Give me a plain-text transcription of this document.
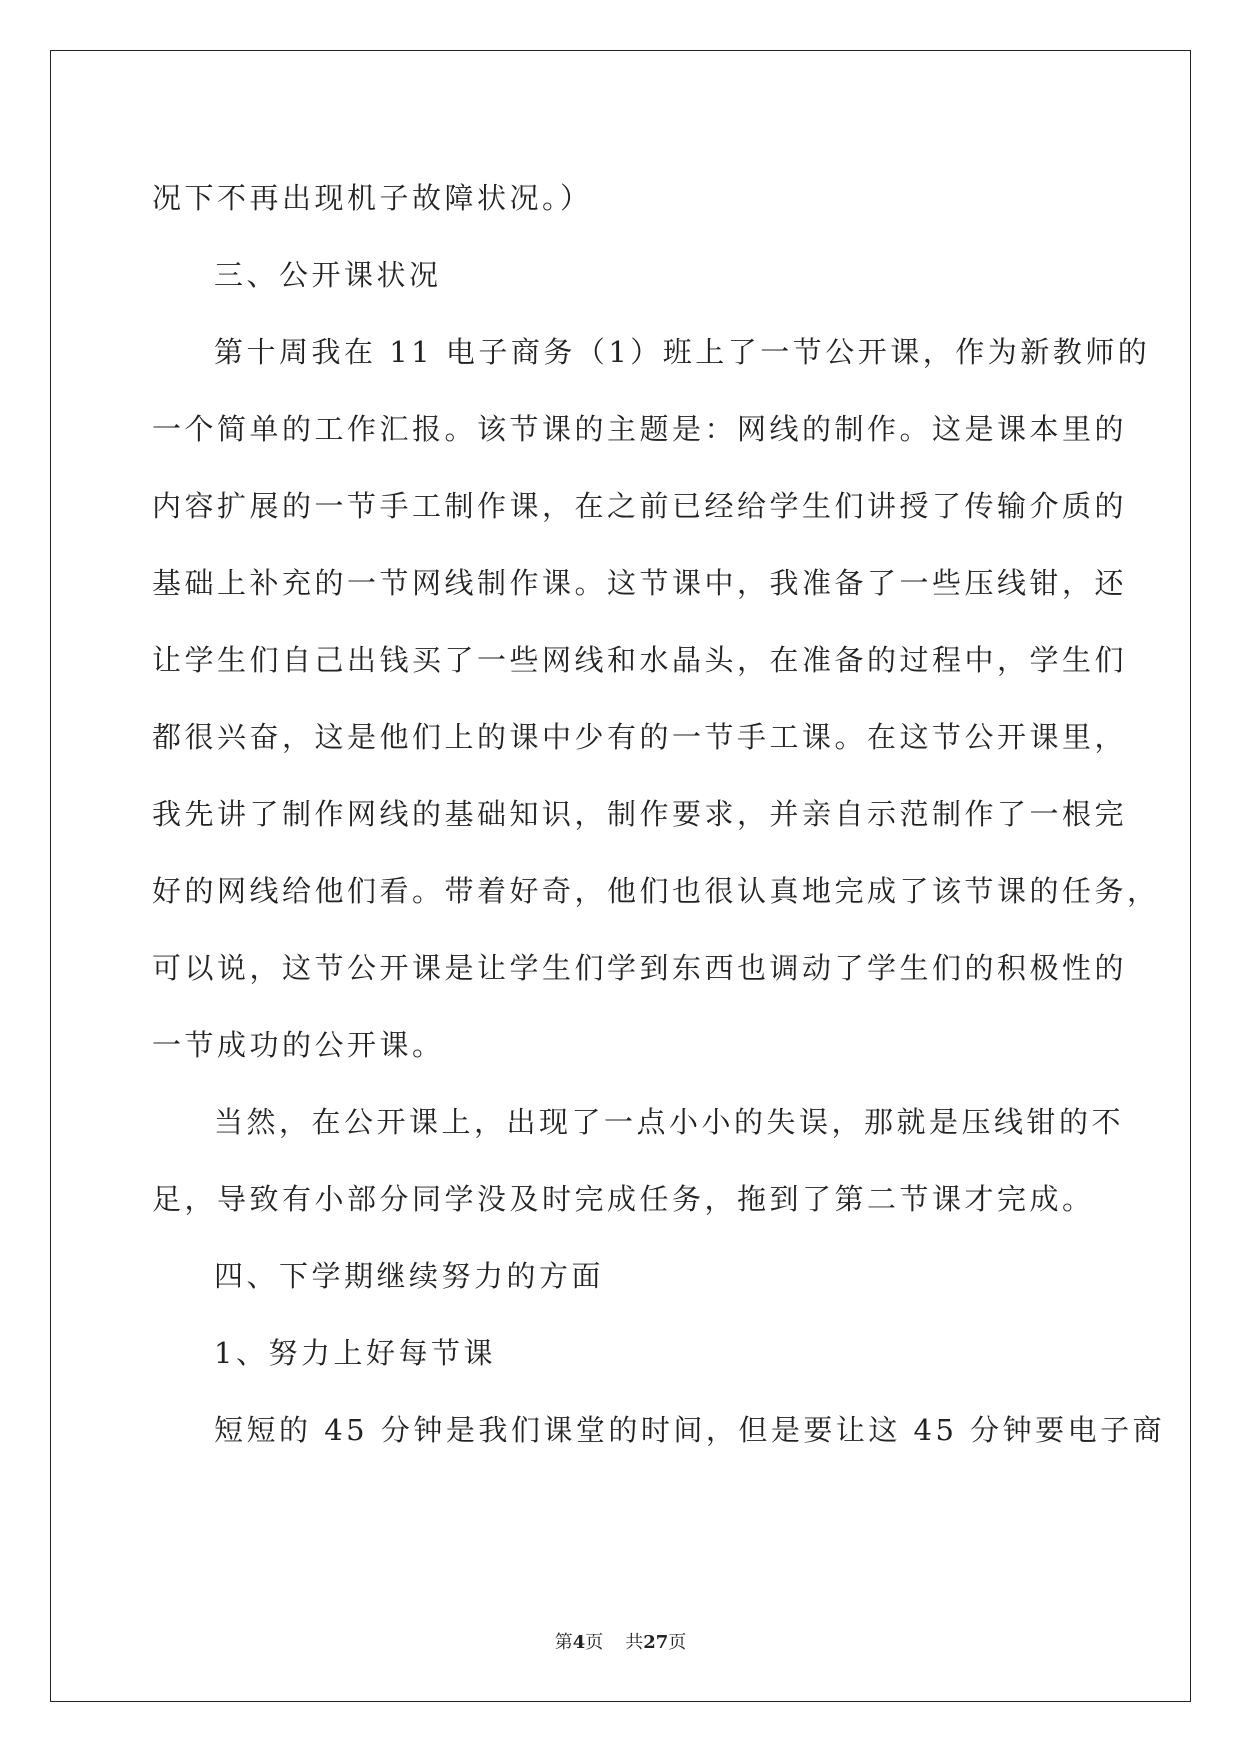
况下不再出现机子故障状况。）
三、公开课状况
第十周我在 11 电子商务（1）班上了一节公开课，作为新教师的
一个简单的工作汇报。该节课的主题是：网线的制作。这是课本里的
内容扩展的一节手工制作课，在之前已经给学生们讲授了传输介质的
基础上补充的一节网线制作课。这节课中，我准备了一些压线钳，还
让学生们自己出钱买了一些网线和水晶头，在准备的过程中，学生们
都很兴奋，这是他们上的课中少有的一节手工课。在这节公开课里，
我先讲了制作网线的基础知识，制作要求，并亲自示范制作了一根完
好的网线给他们看。带着好奇，他们也很认真地完成了该节课的任务，
可以说，这节公开课是让学生们学到东西也调动了学生们的积极性的
一节成功的公开课。
当然，在公开课上，出现了一点小小的失误，那就是压线钳的不
足，导致有小部分同学没及时完成任务，拖到了第二节课才完成。
四、下学期继续努力的方面
1、努力上好每节课
短短的 45 分钟是我们课堂的时间，但是要让这 45 分钟要电子商
第4页 共27页
